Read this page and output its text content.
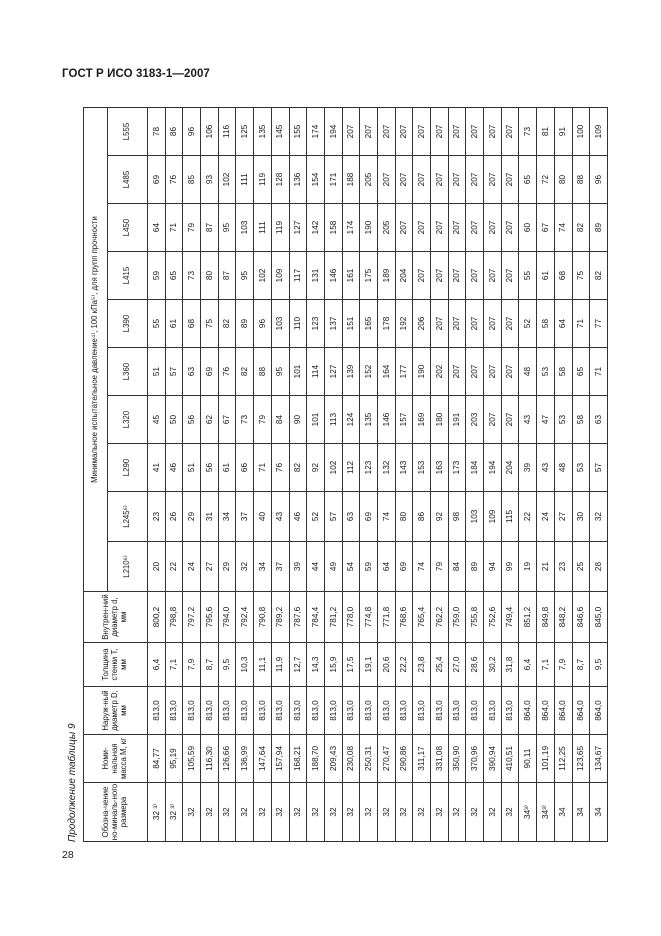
ГОСТ Р ИСО 3183-1—2007
Продолжение таблицы 9	Обозна-чение но-миналь-ного размера	Номи-нальная масса M, кг	Наруж-ный диаметр D, мм	Толщина стенки T, мм	Внутрен-ний диаметр d, мм	Минимальное испытательное давление⁴⁾, 100 кПа⁵⁾, для групп прочности									
					L210⁶⁾	L245⁶⁾	L290	L320	L360	L390	L415	L450	L485	L555
32 ³⁾	84,77	813,0	6,4	800,2	20	23	41	45	51	55	59	64	69	78
32 ³⁾	95,19	813,0	7,1	798,8	22	26	46	50	57	61	65	71	76	86
32	105,59	813,0	7,9	797,2	24	29	51	56	63	68	73	79	85	96
32	116,30	813,0	8,7	795,6	27	31	56	62	69	75	80	87	93	106
32	126,66	813,0	9,5	794,0	29	34	61	67	76	82	87	95	102	116
32	136,99	813,0	10,3	792,4	32	37	66	73	82	89	95	103	111	125
32	147,64	813,0	11,1	790,8	34	40	71	79	88	96	102	111	119	135
32	157,94	813,0	11,9	789,2	37	43	76	84	95	103	109	119	128	145
32	168,21	813,0	12,7	787,6	39	46	82	90	101	110	117	127	136	155
32	188,70	813,0	14,3	784,4	44	52	92	101	114	123	131	142	154	174
32	209,43	813,0	15,9	781,2	49	57	102	113	127	137	146	158	171	194
32	230,08	813,0	17,5	778,0	54	63	112	124	139	151	161	174	188	207
32	250,31	813,0	19,1	774,8	59	69	123	135	152	165	175	190	205	207
32	270,47	813,0	20,6	771,8	64	74	132	146	164	178	189	205	207	207
32	290,86	813,0	22,2	768,6	69	80	143	157	177	192	204	207	207	207
32	311,17	813,0	23,8	765,4	74	86	153	169	190	206	207	207	207	207
32	331,08	813,0	25,4	762,2	79	92	163	180	202	207	207	207	207	207
32	350,90	813,0	27,0	759,0	84	98	173	191	207	207	207	207	207	207
32	370,96	813,0	28,6	755,8	89	103	184	203	207	207	207	207	207	207
32	390,94	813,0	30,2	752,6	94	109	194	207	207	207	207	207	207	207
32	410,51	813,0	31,8	749,4	99	115	204	207	207	207	207	207	207	207
34³⁾	90,11	864,0	6,4	851,2	19	22	39	43	48	52	55	60	65	73
34³⁾	101,19	864,0	7,1	849,8	21	24	43	47	53	58	61	67	72	81
34	112,25	864,0	7,9	848,2	23	27	48	53	58	64	68	74	80	91
34	123,65	864,0	8,7	846,6	25	30	53	58	65	71	75	82	88	100
34	134,67	864,0	9,5	845,0	28	32	57	63	71	77	82	89	96	109
28
